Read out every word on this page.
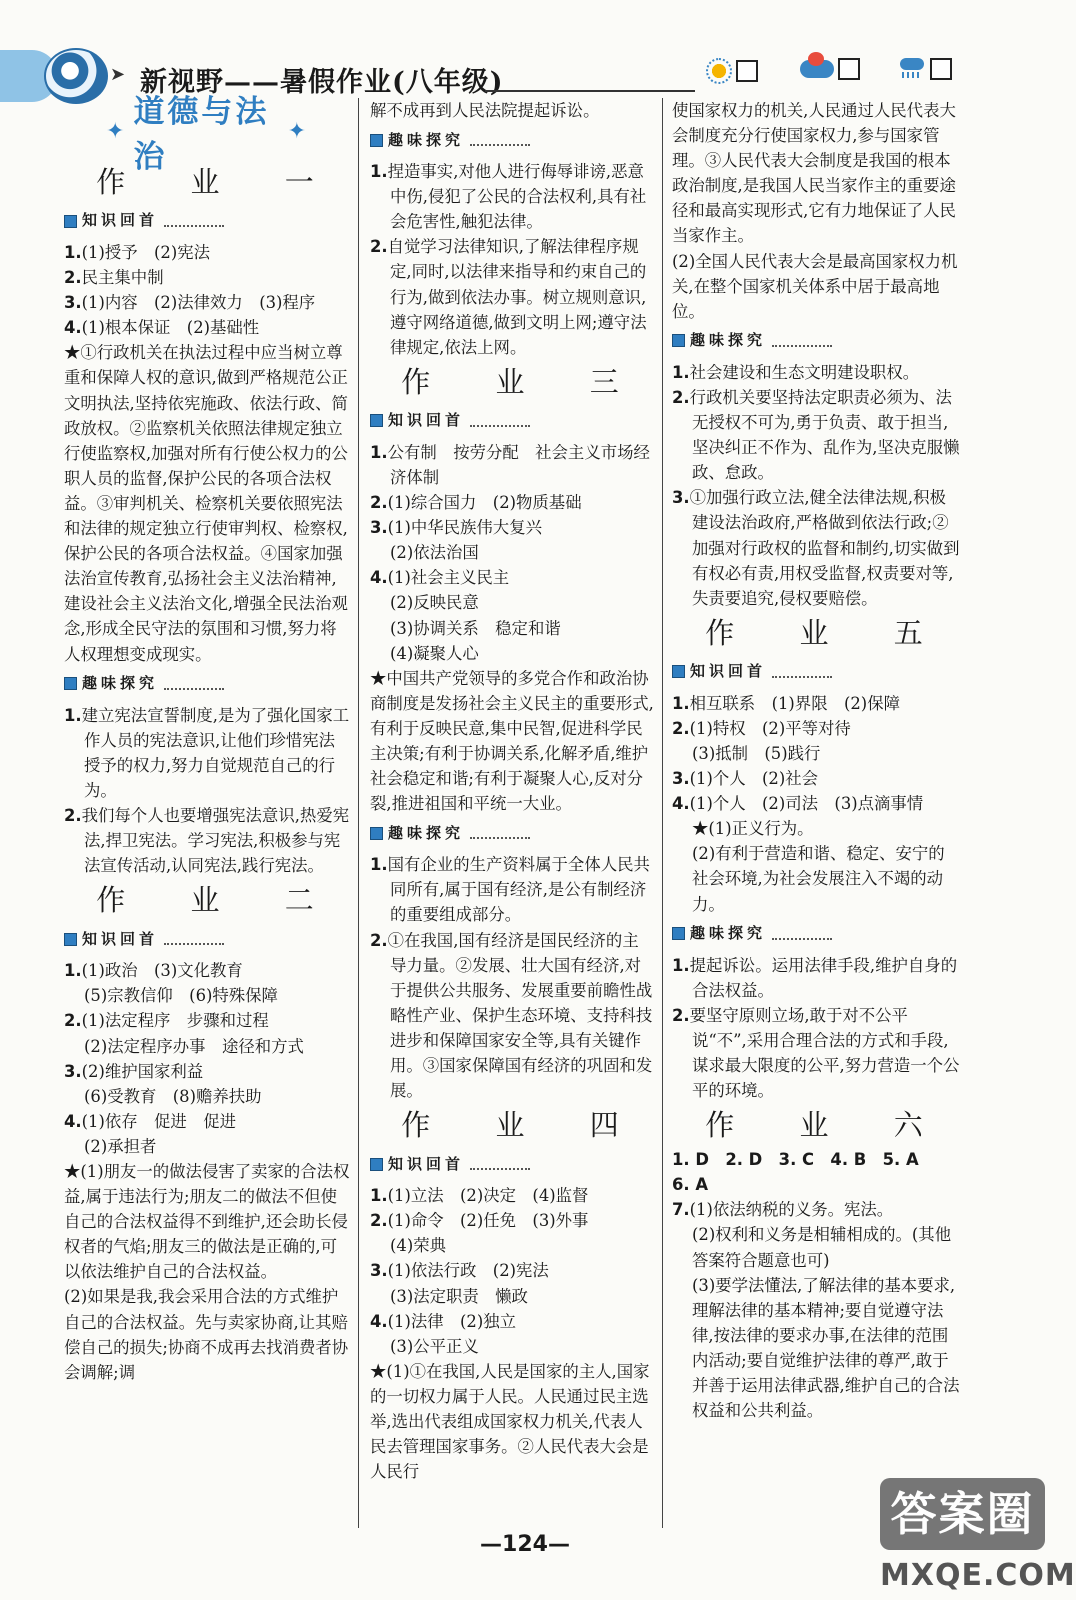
➤ 新视野——暑假作业(八年级)
✦
道德与法治
✦
作 业 一
知识回首

1.(1)授予　(2)宪法

2.民主集中制

3.(1)内容　(2)法律效力　(3)程序

4.(1)根本保证　(2)基础性

★①行政机关在执法过程中应当树立尊重和保障人权的意识,做到严格规范公正文明执法,坚持依宪施政、依法行政、简政放权。②监察机关依照法律规定独立行使监察权,加强对所有行使公权力的公职人员的监督,保护公民的各项合法权益。③审判机关、检察机关要依照宪法和法律的规定独立行使审判权、检察权,保护公民的各项合法权益。④国家加强法治宣传教育,弘扬社会主义法治精神,建设社会主义法治文化,增强全民法治观念,形成全民守法的氛围和习惯,努力将人权理想变成现实。

趣味探究

1.建立宪法宣誓制度,是为了强化国家工作人员的宪法意识,让他们珍惜宪法授予的权力,努力自觉规范自己的行为。

2.我们每个人也要增强宪法意识,热爱宪法,捍卫宪法。学习宪法,积极参与宪法宣传活动,认同宪法,践行宪法。

作 业 二
知识回首

1.(1)政治　(3)文化教育

(5)宗教信仰　(6)特殊保障

2.(1)法定程序　步骤和过程

(2)法定程序办事　途径和方式

3.(2)维护国家利益

(6)受教育　(8)赡养扶助

4.(1)依存　促进　促进

(2)承担者

★(1)朋友一的做法侵害了卖家的合法权益,属于违法行为;朋友二的做法不但使自己的合法权益得不到维护,还会助长侵权者的气焰;朋友三的做法是正确的,可以依法维护自己的合法权益。

(2)如果是我,我会采用合法的方式维护自己的合法权益。先与卖家协商,让其赔偿自己的损失;协商不成再去找消费者协会调解;调

解不成再到人民法院提起诉讼。

趣味探究

1.捏造事实,对他人进行侮辱诽谤,恶意中伤,侵犯了公民的合法权利,具有社会危害性,触犯法律。

2.自觉学习法律知识,了解法律程序规定,同时,以法律来指导和约束自己的行为,做到依法办事。树立规则意识,遵守网络道德,做到文明上网;遵守法律规定,依法上网。

作 业 三
知识回首

1.公有制　按劳分配　社会主义市场经济体制

2.(1)综合国力　(2)物质基础

3.(1)中华民族伟大复兴

(2)依法治国

4.(1)社会主义民主

(2)反映民意

(3)协调关系　稳定和谐

(4)凝聚人心

★中国共产党领导的多党合作和政治协商制度是发扬社会主义民主的重要形式,有利于反映民意,集中民智,促进科学民主决策;有利于协调关系,化解矛盾,维护社会稳定和谐;有利于凝聚人心,反对分裂,推进祖国和平统一大业。

趣味探究

1.国有企业的生产资料属于全体人民共同所有,属于国有经济,是公有制经济的重要组成部分。

2.①在我国,国有经济是国民经济的主导力量。②发展、壮大国有经济,对于提供公共服务、发展重要前瞻性战略性产业、保护生态环境、支持科技进步和保障国家安全等,具有关键作用。③国家保障国有经济的巩固和发展。

作 业 四
知识回首

1.(1)立法　(2)决定　(4)监督

2.(1)命令　(2)任免　(3)外事

(4)荣典

3.(1)依法行政　(2)宪法

(3)法定职责　懒政

4.(1)法律　(2)独立

(3)公平正义

★(1)①在我国,人民是国家的主人,国家的一切权力属于人民。人民通过民主选举,选出代表组成国家权力机关,代表人民去管理国家事务。②人民代表大会是人民行

使国家权力的机关,人民通过人民代表大会制度充分行使国家权力,参与国家管理。③人民代表大会制度是我国的根本政治制度,是我国人民当家作主的重要途径和最高实现形式,它有力地保证了人民当家作主。

(2)全国人民代表大会是最高国家权力机关,在整个国家机关体系中居于最高地位。

趣味探究

1.社会建设和生态文明建设职权。

2.行政机关要坚持法定职责必须为、法无授权不可为,勇于负责、敢于担当,坚决纠正不作为、乱作为,坚决克服懒政、怠政。

3.①加强行政立法,健全法律法规,积极建设法治政府,严格做到依法行政;②加强对行政权的监督和制约,切实做到有权必有责,用权受监督,权责要对等,失责要追究,侵权要赔偿。

作 业 五
知识回首

1.相互联系　(1)界限　(2)保障

2.(1)特权　(2)平等对待

(3)抵制　(5)践行

3.(1)个人　(2)社会

4.(1)个人　(2)司法　(3)点滴事情

★(1)正义行为。

(2)有利于营造和谐、稳定、安宁的社会环境,为社会发展注入不竭的动力。

趣味探究

1.提起诉讼。运用法律手段,维护自身的合法权益。

2.要坚守原则立场,敢于对不公平说“不”,采用合理合法的方式和手段,谋求最大限度的公平,努力营造一个公平的环境。

作 业 六

1. D　2. D　3. C　4. B　5. A

6. A

7.(1)依法纳税的义务。宪法。

(2)权利和义务是相辅相成的。(其他答案符合题意也可)

(3)要学法懂法,了解法律的基本要求,理解法律的基本精神;要自觉遵守法律,按法律的要求办事,在法律的范围内活动;要自觉维护法律的尊严,敢于并善于运用法律武器,维护自己的合法权益和公共利益。

—124—
答案圈
MXQE.COM
